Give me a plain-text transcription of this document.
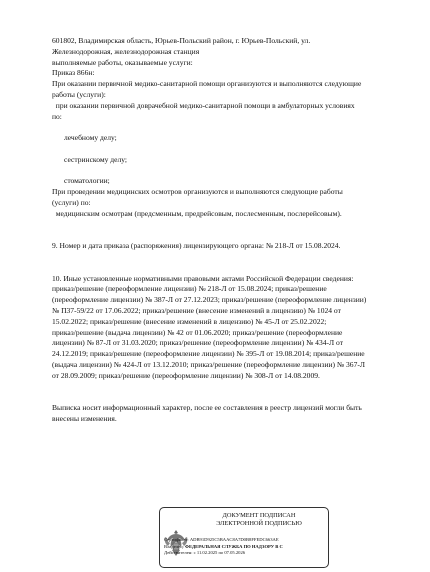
601802, Владимирская область, Юрьев-Польский район, г. Юрьев-Польский, ул.

Железнодорожная, железнодорожная станция

выполняемые работы, оказываемые услуги:

Приказ 866н:

При оказании первичной медико-санитарной помощи организуются и выполняются следующие

работы (услуги):

при оказании первичной доврачебной медико-санитарной помощи в амбулаторных условиях

по:

лечебному делу;

сестринскому делу;

стоматологии;

При проведении медицинских осмотров организуются и выполняются следующие работы

(услуги) по:

медицинским осмотрам (предсменным, предрейсовым, послесменным, послерейсовым).

9. Номер и дата приказа (распоряжения) лицензирующего органа: № 218-Л от 15.08.2024.

10. Иные установленные нормативными правовыми актами Российской Федерации сведения:

приказ/решение (переоформление лицензии) № 218-Л от 15.08.2024; приказ/решение

(переоформление лицензии) № 387-Л от 27.12.2023; приказ/решение (переоформление лицензии)

№ П37-59/22 от 17.06.2022; приказ/решение (внесение изменений в лицензию) № 1024 от

15.02.2022; приказ/решение (внесение изменений в лицензию) № 45-Л от 25.02.2022;

приказ/решение (выдача лицензии) № 42 от 01.06.2020; приказ/решение (переоформление

лицензии) № 87-Л от 31.03.2020; приказ/решение (переоформление лицензии) № 434-Л от

24.12.2019; приказ/решение (переоформление лицензии) № 395-Л от 19.08.2014; приказ/решение

(выдача лицензии) № 424-Л от 13.12.2010; приказ/решение (переоформление лицензии) № 367-Л

от 28.09.2009; приказ/решение (переоформление лицензии) № 308-Л от 14.08.2009.

Выписка носит информационный характер, после ее составления в реестр лицензий могли быть

внесены изменения.

ДОКУМЕНТ ПОДПИСАН
ЭЛЕКТРОННОЙ ПОДПИСЬЮ
Сертификат: ADB91D925C5BAAC8A7D0B8FFEDC663AE
Владелец: ФЕДЕРАЛЬНАЯ СЛУЖБА ПО НАДЗОРУ В С
Действителен: с 11.02.2025 по 07.05.2026
